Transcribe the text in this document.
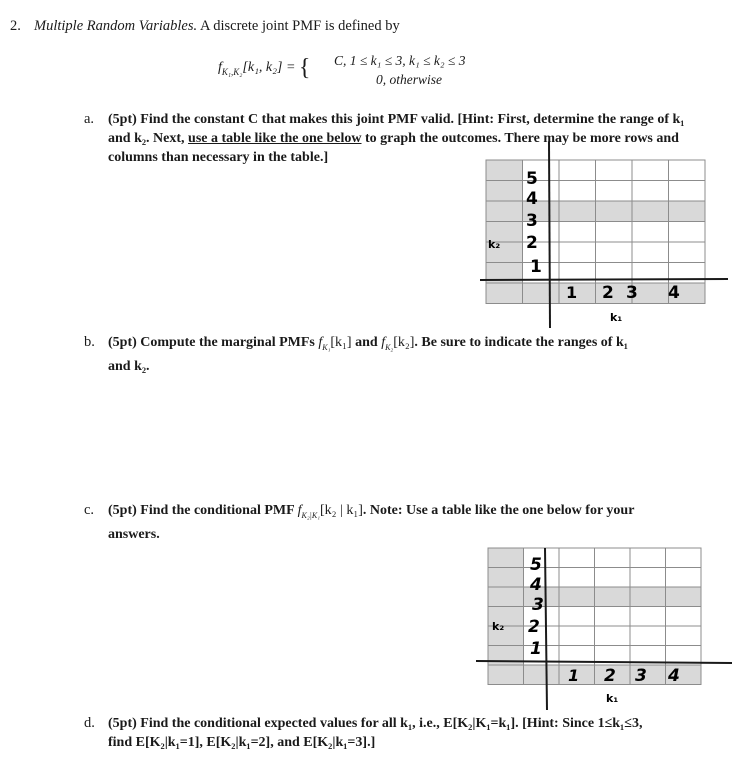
2. Multiple Random Variables. A discrete joint PMF is defined by
$f_{K_1,K_2}[k_1$, k₂] = { C, 1 ≤ k₁ ≤ 3, k₁ ≤ k₂ ≤ 3
0, otherwise
a. (5pt) Find the constant C that makes this joint PMF valid. [Hint: First, determine the range of k₁ and k₂. Next, use a table like the one below to graph the outcomes. There may be more rows and columns than necessary in the table.]
k₂
k₁
5
4
3
2
1
1 2 3 4
b. (5pt) Compute the marginal PMFs $f_{K_1}[k_1]$ and $f_{K_2}[k_2]$. Be sure to indicate the ranges of k₁
and k₂.
c. (5pt) Find the conditional PMF $f_{K_2|K_1}[k_2$ | k₁]. Note: Use a table like the one below for your
answers.
k₂
k₁
5
4
3
2
1
1 2 3 4
d. (5pt) Find the conditional expected values for all k₁, i.e., E[K₂|K₁=k₁]. [Hint: Since 1≤k₁≤3,
find E[K₂|k₁=1], E[K₂|k₁=2], and E[K₂|k₁=3].]
